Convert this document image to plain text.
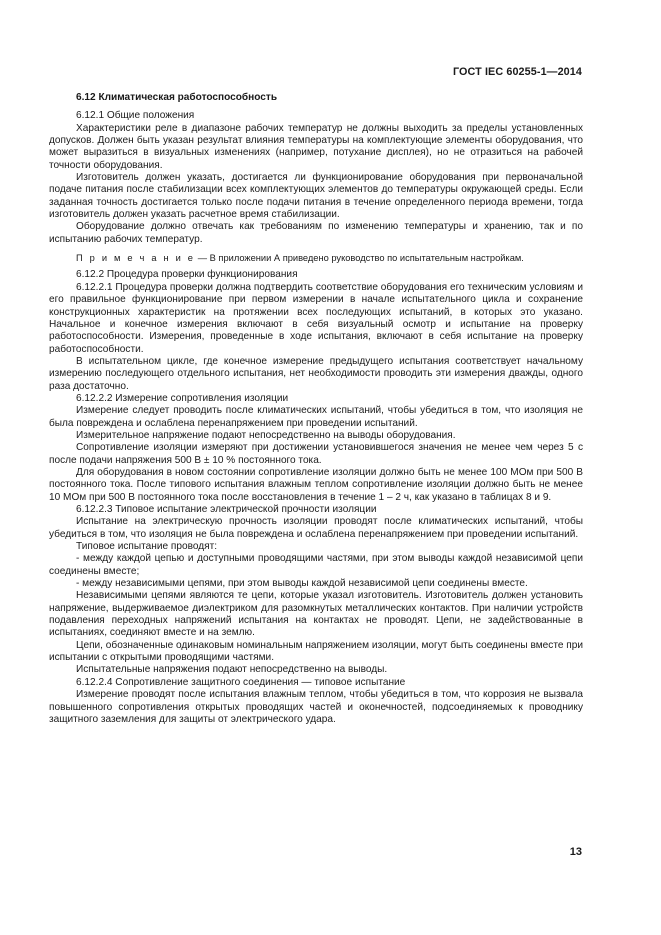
ГОСТ IEC 60255-1—2014

6.12 Климатическая работоспособность

6.12.1 Общие положения

Характеристики реле в диапазоне рабочих температур не должны выходить за пределы установленных допусков. Должен быть указан результат влияния температуры на комплектующие элементы оборудования, что может выразиться в визуальных изменениях (например, потухание дисплея), но не отразиться на рабочей точности оборудования.

Изготовитель должен указать, достигается ли функционирование оборудования при первоначальной подаче питания после стабилизации всех комплектующих элементов до температуры окружающей среды. Если заданная точность достигается только после подачи питания в течение определенного периода времени, тогда изготовитель должен указать расчетное время стабилизации.

Оборудование должно отвечать как требованиям по изменению температуры и хранению, так и по испытанию рабочих температур.

П р и м е ч а н и е — В приложении А приведено руководство по испытательным настройкам.

6.12.2 Процедура проверки функционирования

6.12.2.1 Процедура проверки должна подтвердить соответствие оборудования его техническим условиям и его правильное функционирование при первом измерении в начале испытательного цикла и сохранение конструкционных характеристик на протяжении всех последующих испытаний, в которых это указано. Начальное и конечное измерения включают в себя визуальный осмотр и испытание на проверку работоспособности. Измерения, проведенные в ходе испытания, включают в себя испытание на проверку работоспособности.

В испытательном цикле, где конечное измерение предыдущего испытания соответствует начальному измерению последующего отдельного испытания, нет необходимости проводить эти измерения дважды, одного раза достаточно.

6.12.2.2 Измерение сопротивления изоляции

Измерение следует проводить после климатических испытаний, чтобы убедиться в том, что изоляция не была повреждена и ослаблена перенапряжением при проведении испытаний.

Измерительное напряжение подают непосредственно на выводы оборудования.

Сопротивление изоляции измеряют при достижении установившегося значения не менее чем через 5 с после подачи напряжения 500 В ± 10 % постоянного тока.

Для оборудования в новом состоянии сопротивление изоляции должно быть не менее 100 МОм при 500 В постоянного тока. После типового испытания влажным теплом сопротивление изоляции должно быть не менее 10 МОм при 500 В постоянного тока после восстановления в течение 1 – 2 ч, как указано в таблицах 8 и 9.

6.12.2.3 Типовое испытание электрической прочности изоляции

Испытание на электрическую прочность изоляции проводят после климатических испытаний, чтобы убедиться в том, что изоляция не была повреждена и ослаблена перенапряжением при проведении испытаний.

Типовое испытание проводят:

- между каждой цепью и доступными проводящими частями, при этом выводы каждой независимой цепи соединены вместе;

- между независимыми цепями, при этом выводы каждой независимой цепи соединены вместе.

Независимыми цепями являются те цепи, которые указал изготовитель. Изготовитель должен установить напряжение, выдерживаемое диэлектриком для разомкнутых металлических контактов. При наличии устройств подавления переходных напряжений испытания на контактах не проводят. Цепи, не задействованные в испытаниях, соединяют вместе и на землю.

Цепи, обозначенные одинаковым номинальным напряжением изоляции, могут быть соединены вместе при испытании с открытыми проводящими частями.

Испытательные напряжения подают непосредственно на выводы.

6.12.2.4 Сопротивление защитного соединения — типовое испытание

Измерение проводят после испытания влажным теплом, чтобы убедиться в том, что коррозия не вызвала повышенного сопротивления открытых проводящих частей и оконечностей, подсоединяемых к проводнику защитного заземления для защиты от электрического удара.

13
